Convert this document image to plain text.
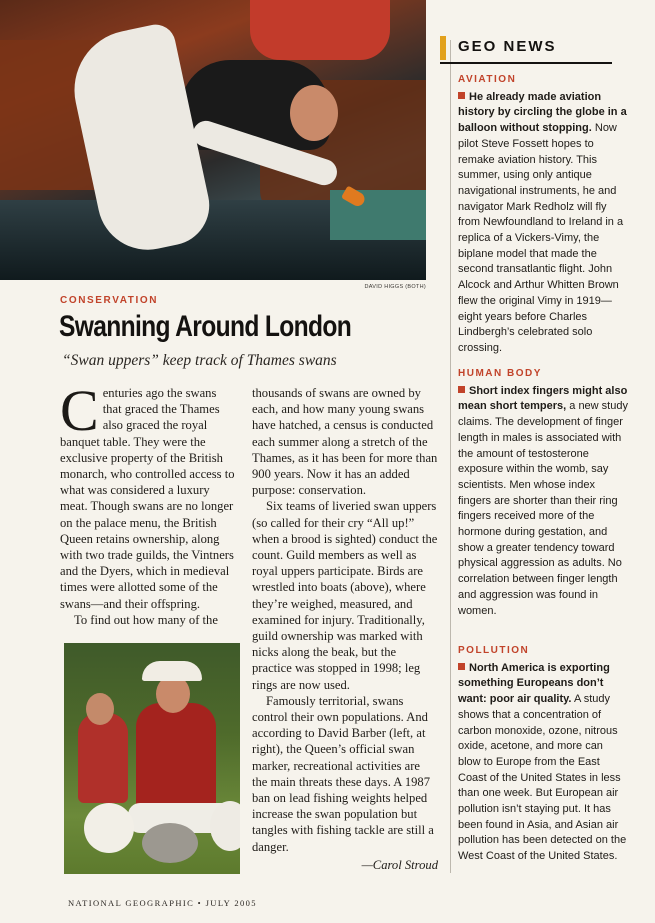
DAVID HIGGS (BOTH)
CONSERVATION
Swanning Around London
“Swan uppers” keep track of Thames swans

Centuries ago the swans that graced the Thames also graced the royal banquet table. They were the exclusive property of the British monarch, who controlled access to what was considered a luxury meat. Though swans are no longer on the palace menu, the British Queen retains ownership, along with two trade guilds, the Vintners and the Dyers, which in medieval times were allotted some of the swans—and their offspring.

To find out how many of the

thousands of swans are owned by each, and how many young swans have hatched, a census is conducted each summer along a stretch of the Thames, as it has been for more than 900 years. Now it has an added purpose: conservation.

Six teams of liveried swan uppers (so called for their cry “All up!” when a brood is sighted) conduct the count. Guild members as well as royal uppers participate. Birds are wrestled into boats (above), where they’re weighed, measured, and examined for injury. Traditionally, guild ownership was marked with nicks along the beak, but the practice was stopped in 1998; leg rings are now used.

Famously territorial, swans control their own populations. And according to David Barber (left, at right), the Queen’s official swan marker, recreational activities are the main threats these days. A 1987 ban on lead fishing weights helped increase the swan population but tangles with fishing tackle are still a danger.

—Carol Stroud

GEO NEWS
AVIATION
He already made aviation history by circling the globe in a balloon without stopping. Now pilot Steve Fossett hopes to remake aviation history. This summer, using only antique navigational instruments, he and navigator Mark Redholz will fly from Newfoundland to Ireland in a replica of a Vickers-Vimy, the biplane model that made the second transatlantic flight. John Alcock and Arthur Whitten Brown flew the original Vimy in 1919—eight years before Charles Lindbergh’s celebrated solo crossing.
HUMAN BODY
Short index fingers might also mean short tempers, a new study claims. The development of finger length in males is associated with the amount of testosterone exposure within the womb, say scientists. Men whose index fingers are shorter than their ring fingers received more of the hormone during gestation, and show a greater tendency toward physical aggression as adults. No correlation between finger length and aggression was found in women.
POLLUTION
North America is exporting something Europeans don’t want: poor air quality. A study shows that a concentration of carbon monoxide, ozone, nitrous oxide, acetone, and more can blow to Europe from the East Coast of the United States in less than one week. But European air pollution isn’t staying put. It has been found in Asia, and Asian air pollution has been detected on the West Coast of the United States.
NATIONAL GEOGRAPHIC • JULY 2005
